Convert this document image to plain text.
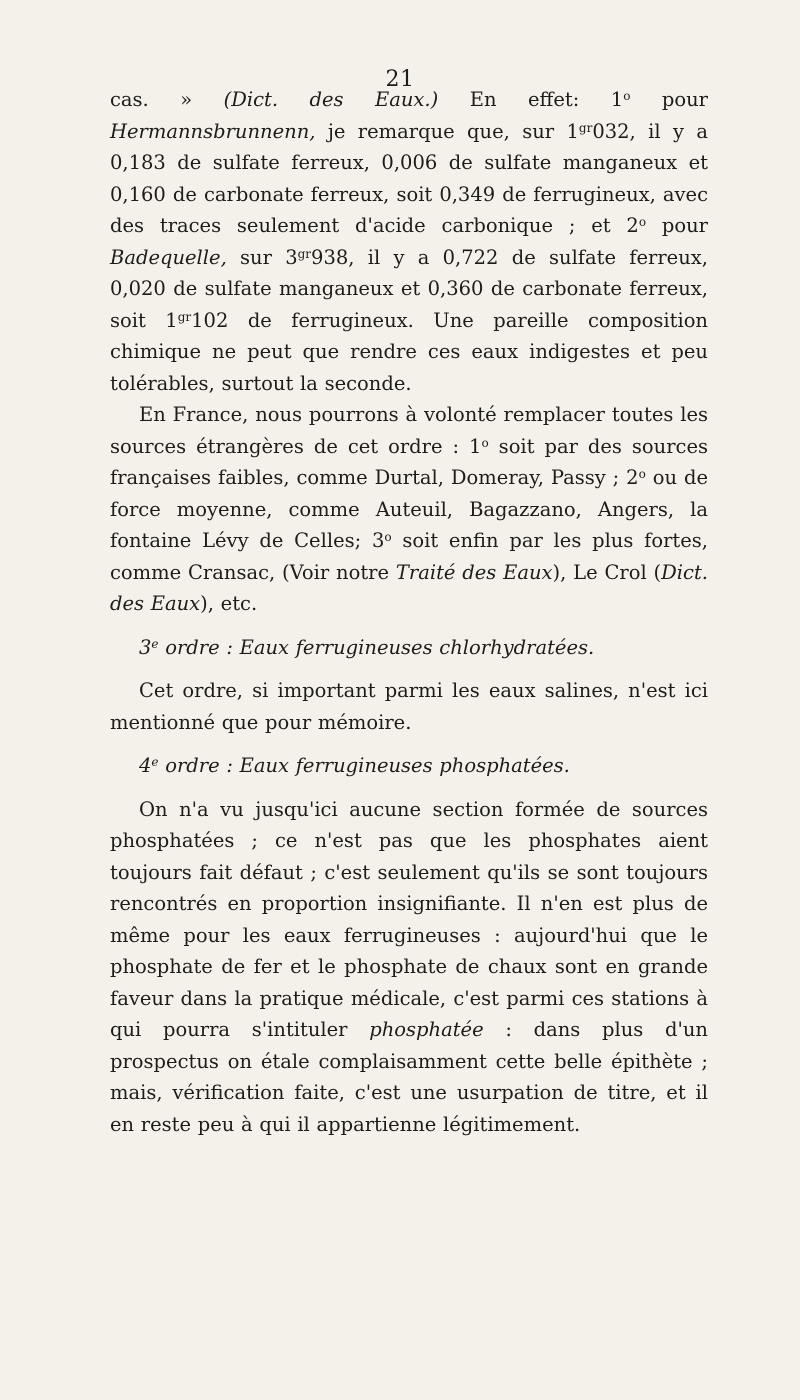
21

cas. » (Dict. des Eaux.) En effet: 1$^o$ pour Hermannsbrunnenn, je remarque que, sur $1^{gr}032$, il y a 0,183 de sulfate ferreux, 0,006 de sulfate manganeux et 0,160 de carbonate ferreux, soit 0,349 de ferrugineux, avec des traces seulement d'acide carbonique ; et 2$^o$ pour Badequelle, sur $3^{gr}938$, il y a 0,722 de sulfate ferreux, 0,020 de sulfate manganeux et 0,360 de carbonate ferreux, soit $1^{gr}102$ de ferrugineux. Une pareille composition chimique ne peut que rendre ces eaux indigestes et peu tolérables, surtout la seconde.

En France, nous pourrons à volonté remplacer toutes les sources étrangères de cet ordre : 1$^o$ soit par des sources françaises faibles, comme Durtal, Domeray, Passy ; 2$^o$ ou de force moyenne, comme Auteuil, Bagazzano, Angers, la fontaine Lévy de Celles; 3$^o$ soit enfin par les plus fortes, comme Cransac, (Voir notre Traité des Eaux), Le Crol (Dict. des Eaux), etc.

3e ordre : Eaux ferrugineuses chlorhydratées.

Cet ordre, si important parmi les eaux salines, n'est ici mentionné que pour mémoire.

4e ordre : Eaux ferrugineuses phosphatées.

On n'a vu jusqu'ici aucune section formée de sources phosphatées ; ce n'est pas que les phosphates aient toujours fait défaut ; c'est seulement qu'ils se sont toujours rencontrés en proportion insignifiante. Il n'en est plus de même pour les eaux ferrugineuses : aujourd'hui que le phosphate de fer et le phosphate de chaux sont en grande faveur dans la pratique médicale, c'est parmi ces stations à qui pourra s'intituler phosphatée : dans plus d'un prospectus on étale complaisamment cette belle épithète ; mais, vérification faite, c'est une usurpation de titre, et il en reste peu à qui il appartienne légitimement.
